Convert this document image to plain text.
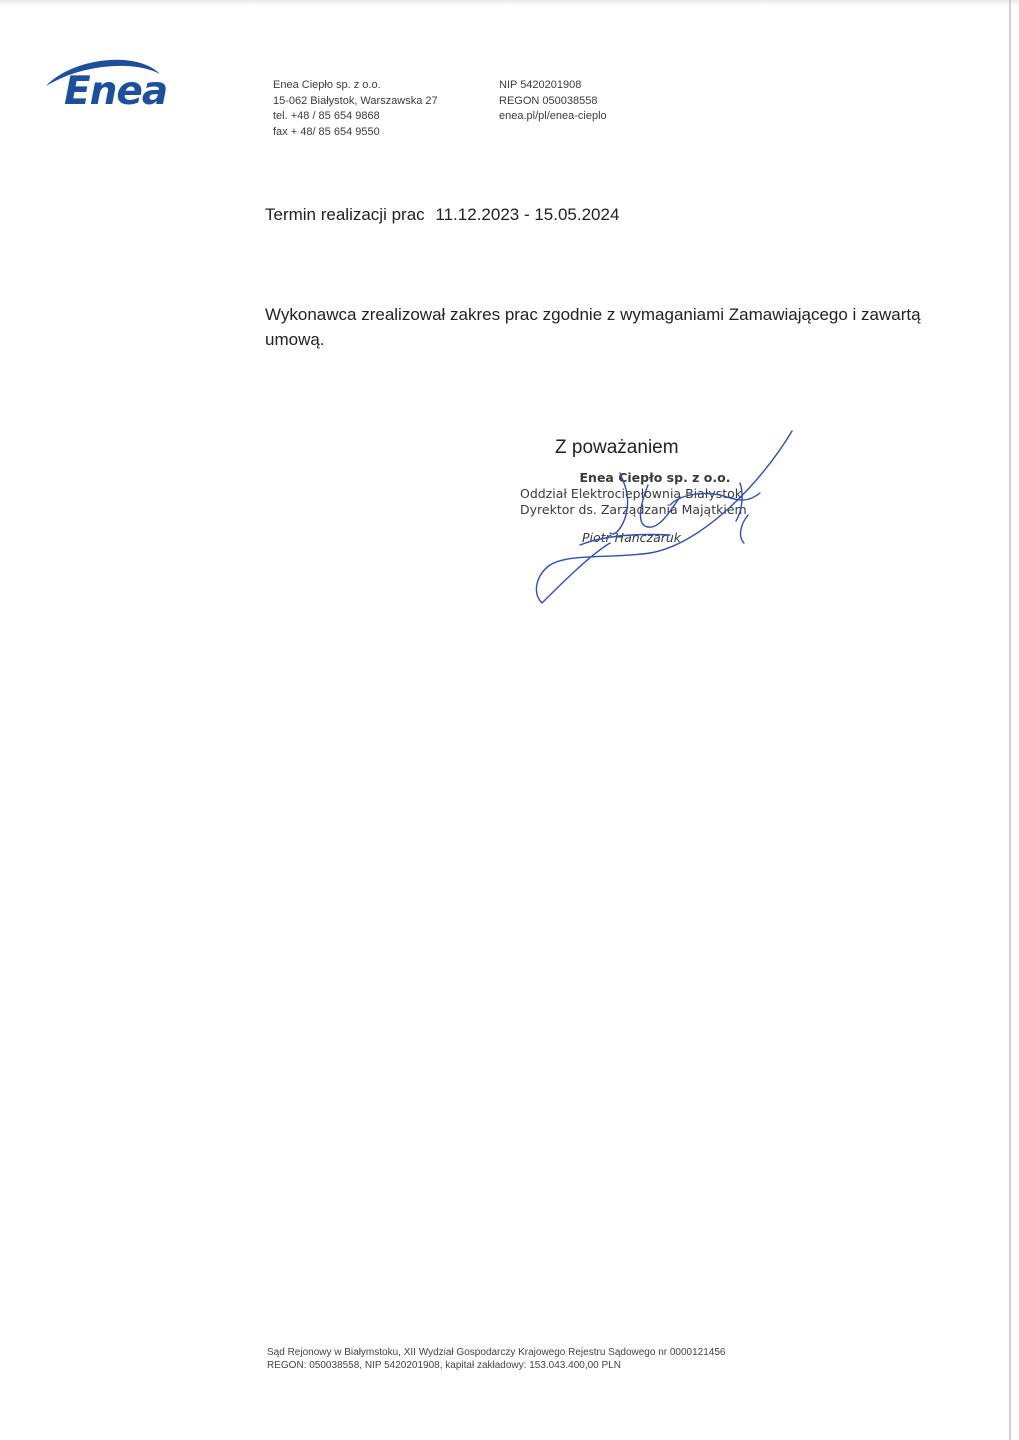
Enea	Enea Ciepło sp. z o.o.
15-062 Białystok, Warszawska 27
tel. +48 / 85 654 9868
fax + 48/ 85 654 9550
NIP 5420201908
REGON 050038558
enea.pl/pl/enea-cieplo
Termin realizacji prac 11.12.2023 - 15.05.2024
Wykonawca zrealizował zakres prac zgodnie z wymaganiami Zamawiającego i zawartą umową.
Z poważaniem
Enea Ciepło sp. z o.o.
Oddział Elektrociepłownia Białystok
Dyrektor ds. Zarządzania Majątkiem
Piotr Hanczaruk
Sąd Rejonowy w Białymstoku, XII Wydział Gospodarczy Krajowego Rejestru Sądowego nr 0000121456
REGON: 050038558, NIP 5420201908, kapitał zakładowy: 153.043.400,00 PLN
